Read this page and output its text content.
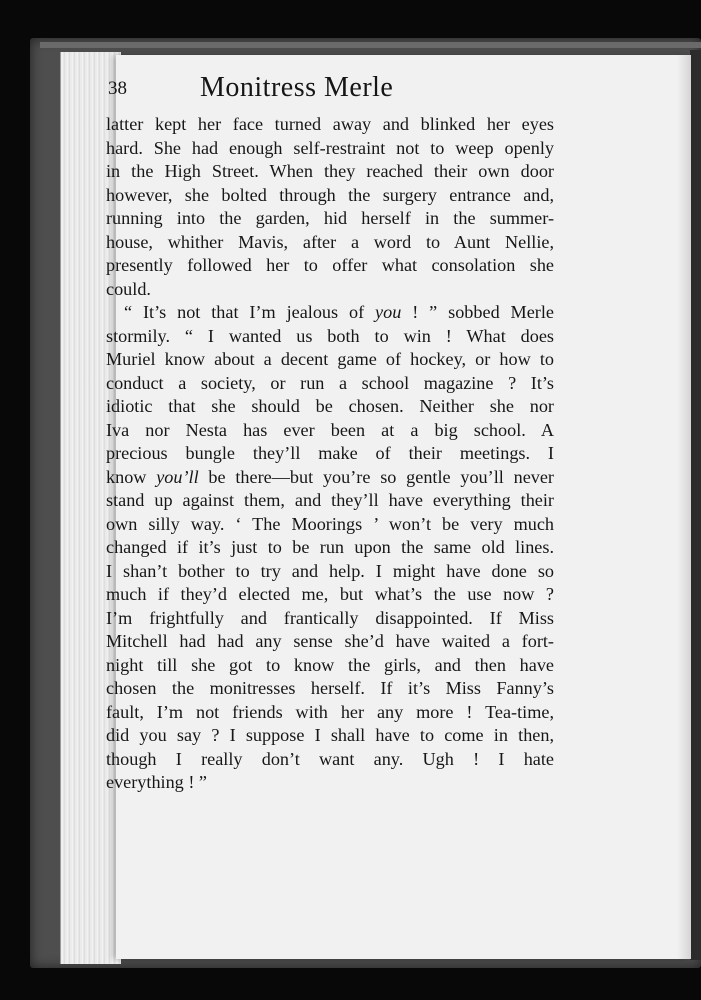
38	Monitress Merle
latter kept her face turned away and blinked her eyes
hard. She had enough self-restraint not to weep openly
in the High Street. When they reached their own door
however, she bolted through the surgery entrance and,
running into the garden, hid herself in the summer-
house, whither Mavis, after a word to Aunt Nellie,
presently followed her to offer what consolation she
could.
“ It’s not that I’m jealous of you ! ” sobbed Merle
stormily. “ I wanted us both to win ! What does
Muriel know about a decent game of hockey, or how to
conduct a society, or run a school magazine ? It’s
idiotic that she should be chosen. Neither she nor
Iva nor Nesta has ever been at a big school. A
precious bungle they’ll make of their meetings. I
know you’ll be there—but you’re so gentle you’ll never
stand up against them, and they’ll have everything their
own silly way. ‘ The Moorings ’ won’t be very much
changed if it’s just to be run upon the same old lines.
I shan’t bother to try and help. I might have done so
much if they’d elected me, but what’s the use now ?
I’m frightfully and frantically disappointed. If Miss
Mitchell had had any sense she’d have waited a fort-
night till she got to know the girls, and then have
chosen the monitresses herself. If it’s Miss Fanny’s
fault, I’m not friends with her any more ! Tea-time,
did you say ? I suppose I shall have to come in then,
though I really don’t want any. Ugh ! I hate
everything ! ”
